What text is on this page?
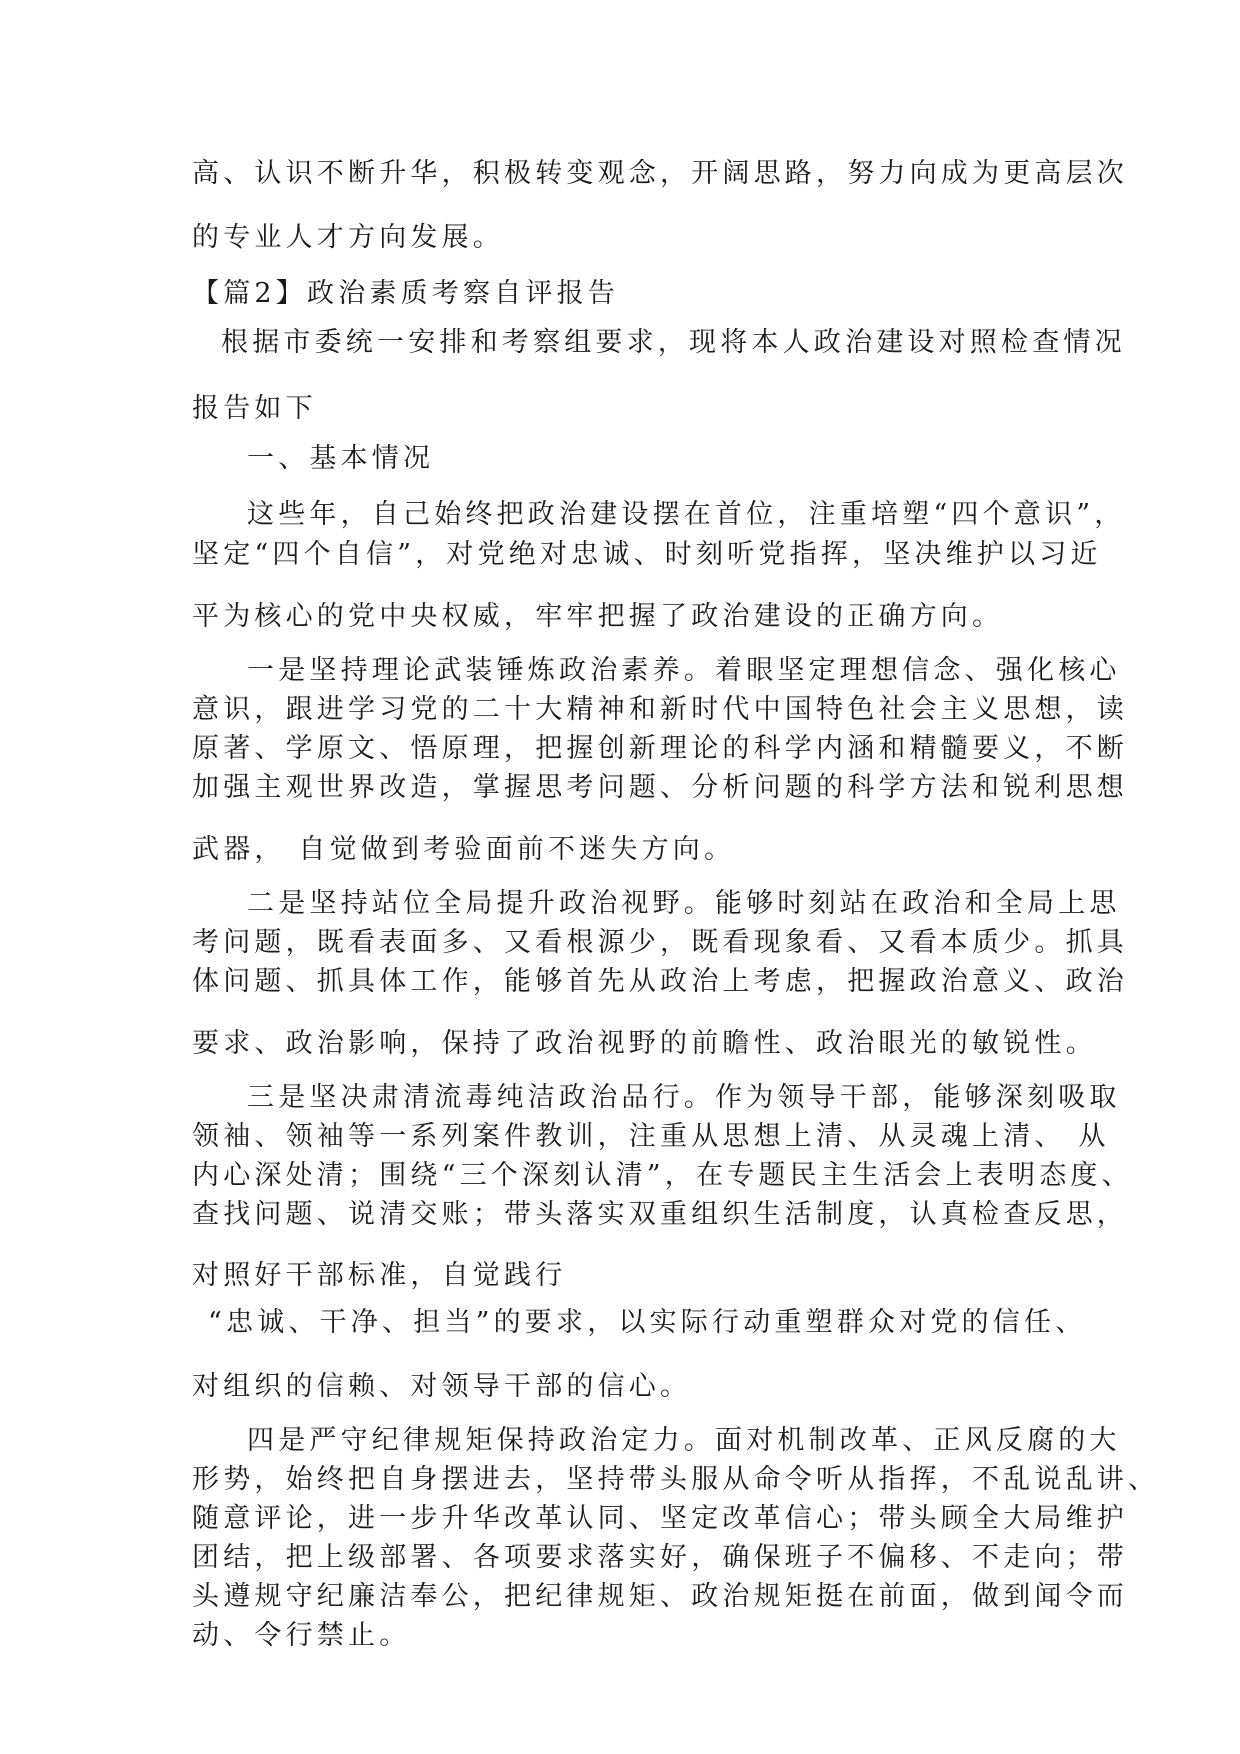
高、认识不断升华，积极转变观念，开阔思路，努力向成为更高层次
的专业人才方向发展。
【篇2】政治素质考察自评报告
根据市委统一安排和考察组要求，现将本人政治建设对照检查情况
报告如下
一、基本情况
这些年，自己始终把政治建设摆在首位，注重培塑“四个意识”，
坚定“四个自信”，对党绝对忠诚、时刻听党指挥，坚决维护以习近
平为核心的党中央权威，牢牢把握了政治建设的正确方向。
一是坚持理论武装锤炼政治素养。着眼坚定理想信念、强化核心
意识，跟进学习党的二十大精神和新时代中国特色社会主义思想，读
原著、学原文、悟原理，把握创新理论的科学内涵和精髓要义，不断
加强主观世界改造，掌握思考问题、分析问题的科学方法和锐利思想
武器， 自觉做到考验面前不迷失方向。
二是坚持站位全局提升政治视野。能够时刻站在政治和全局上思
考问题，既看表面多、又看根源少，既看现象看、又看本质少。抓具
体问题、抓具体工作，能够首先从政治上考虑，把握政治意义、政治
要求、政治影响，保持了政治视野的前瞻性、政治眼光的敏锐性。
三是坚决肃清流毒纯洁政治品行。作为领导干部，能够深刻吸取
领袖、领袖等一系列案件教训，注重从思想上清、从灵魂上清、 从
内心深处清；围绕“三个深刻认清”，在专题民主生活会上表明态度、
查找问题、说清交账；带头落实双重组织生活制度，认真检查反思，
对照好干部标准，自觉践行
“忠诚、干净、担当”的要求，以实际行动重塑群众对党的信任、
对组织的信赖、对领导干部的信心。
四是严守纪律规矩保持政治定力。面对机制改革、正风反腐的大
形势，始终把自身摆进去，坚持带头服从命令听从指挥，不乱说乱讲、
随意评论，进一步升华改革认同、坚定改革信心；带头顾全大局维护
团结，把上级部署、各项要求落实好，确保班子不偏移、不走向；带
头遵规守纪廉洁奉公，把纪律规矩、政治规矩挺在前面，做到闻令而
动、令行禁止。
